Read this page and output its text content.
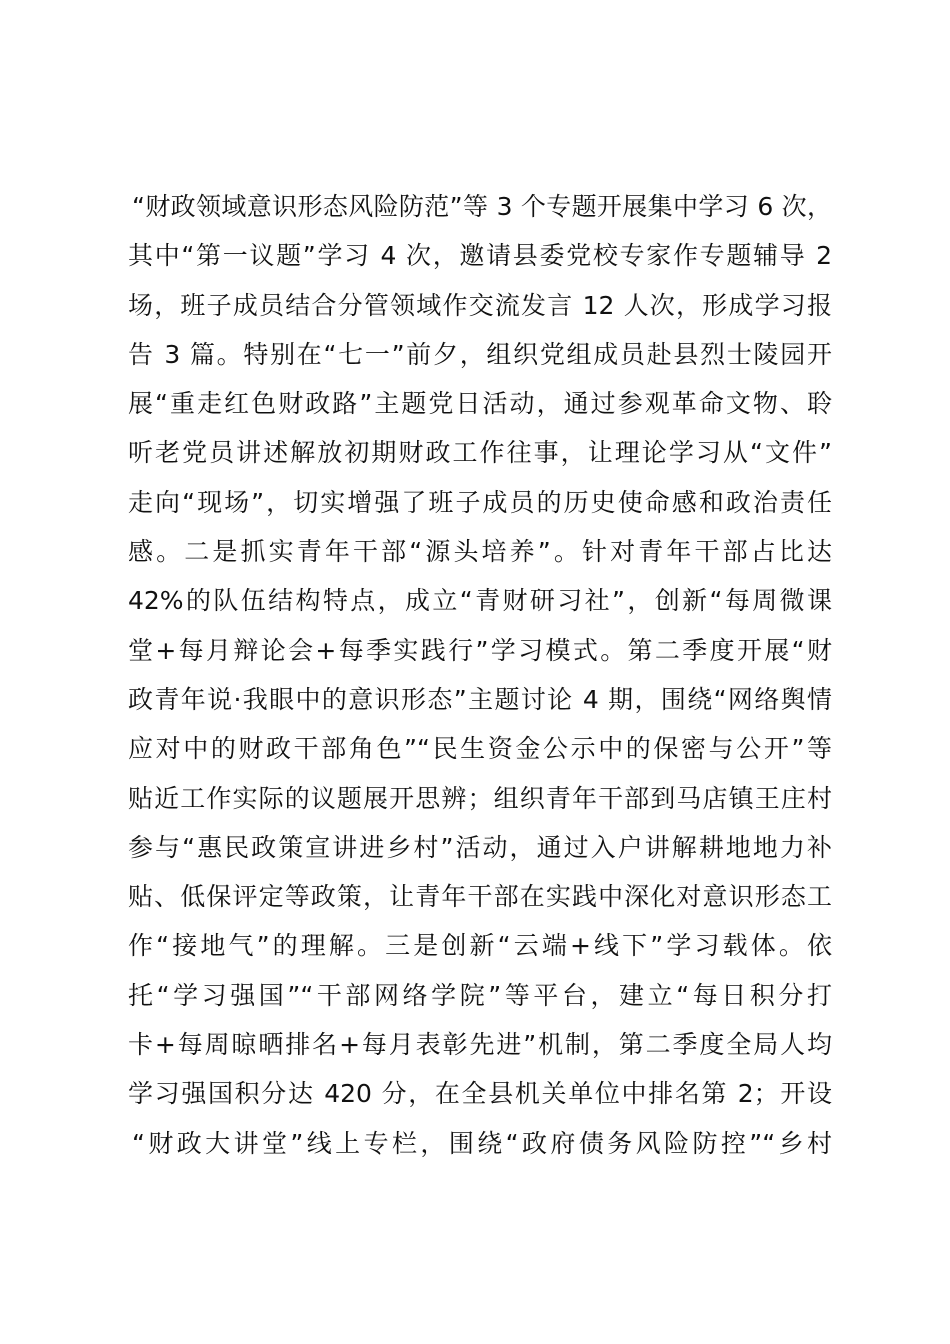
“财政领域意识形态风险防范”等 3 个专题开展集中学习 6 次，
其中“第一议题”学习 4 次，邀请县委党校专家作专题辅导 2
场，班子成员结合分管领域作交流发言 12 人次，形成学习报
告 3 篇。特别在“七一”前夕，组织党组成员赴县烈士陵园开
展“重走红色财政路”主题党日活动，通过参观革命文物、聆
听老党员讲述解放初期财政工作往事，让理论学习从“文件”
走向“现场”，切实增强了班子成员的历史使命感和政治责任
感。二是抓实青年干部“源头培养”。针对青年干部占比达
42%的队伍结构特点，成立“青财研习社”，创新“每周微课
堂+每月辩论会+每季实践行”学习模式。第二季度开展“财
政青年说·我眼中的意识形态”主题讨论 4 期，围绕“网络舆情
应对中的财政干部角色”“民生资金公示中的保密与公开”等
贴近工作实际的议题展开思辨；组织青年干部到马店镇王庄村
参与“惠民政策宣讲进乡村”活动，通过入户讲解耕地地力补
贴、低保评定等政策，让青年干部在实践中深化对意识形态工
作“接地气”的理解。三是创新“云端+线下”学习载体。依
托“学习强国”“干部网络学院”等平台，建立“每日积分打
卡+每周晾晒排名+每月表彰先进”机制，第二季度全局人均
学习强国积分达 420 分，在全县机关单位中排名第 2；开设
“财政大讲堂”线上专栏，围绕“政府债务风险防控”“乡村
